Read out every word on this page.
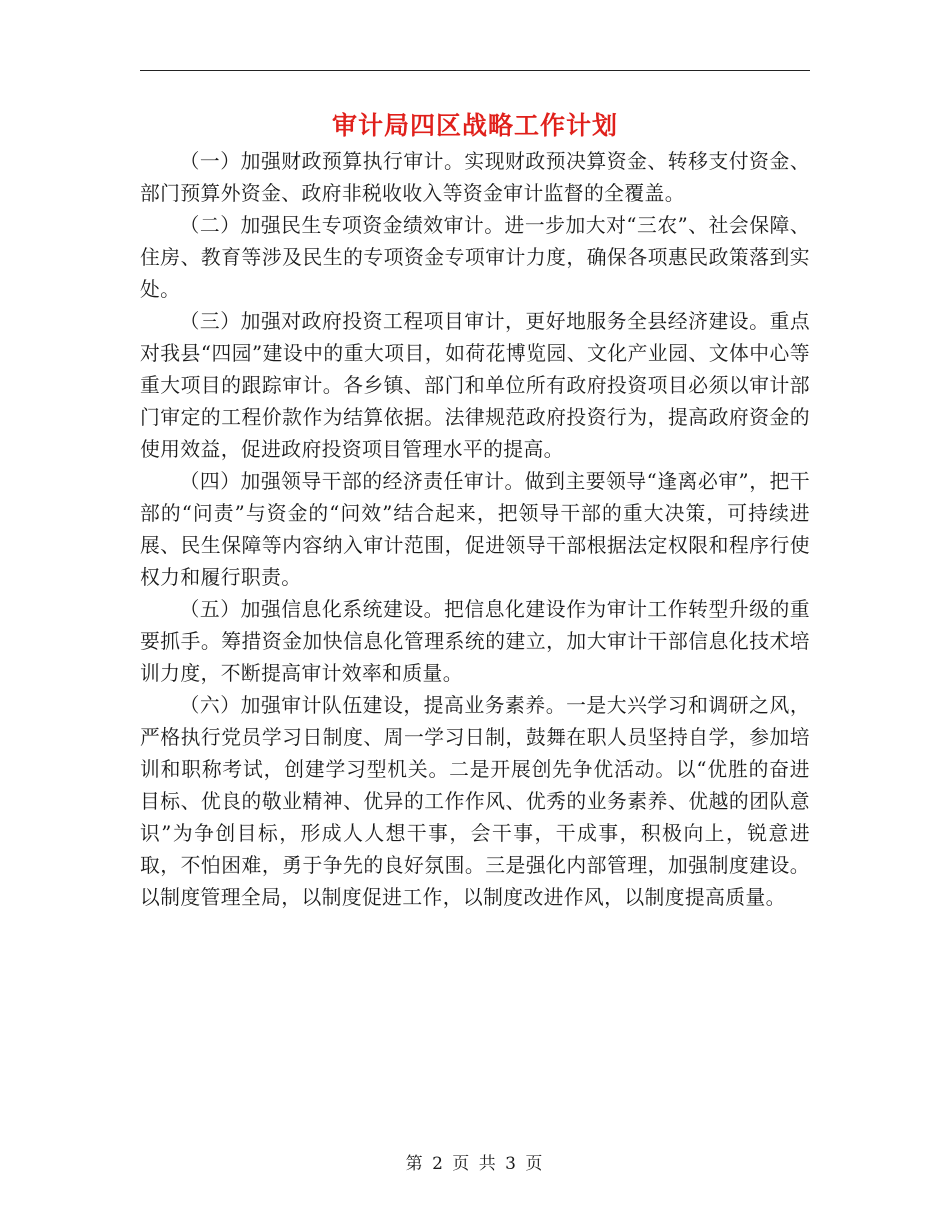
审计局四区战略工作计划

（一）加强财政预算执行审计。实现财政预决算资金、转移支付资金、部门预算外资金、政府非税收收入等资金审计监督的全覆盖。

（二）加强民生专项资金绩效审计。进一步加大对“三农”、社会保障、住房、教育等涉及民生的专项资金专项审计力度，确保各项惠民政策落到实处。

（三）加强对政府投资工程项目审计，更好地服务全县经济建设。重点对我县“四园”建设中的重大项目，如荷花博览园、文化产业园、文体中心等重大项目的跟踪审计。各乡镇、部门和单位所有政府投资项目必须以审计部门审定的工程价款作为结算依据。法律规范政府投资行为，提高政府资金的使用效益，促进政府投资项目管理水平的提高。

（四）加强领导干部的经济责任审计。做到主要领导“逢离必审”，把干部的“问责”与资金的“问效”结合起来，把领导干部的重大决策，可持续进展、民生保障等内容纳入审计范围，促进领导干部根据法定权限和程序行使权力和履行职责。

（五）加强信息化系统建设。把信息化建设作为审计工作转型升级的重要抓手。筹措资金加快信息化管理系统的建立，加大审计干部信息化技术培训力度，不断提高审计效率和质量。

（六）加强审计队伍建设，提高业务素养。一是大兴学习和调研之风，严格执行党员学习日制度、周一学习日制，鼓舞在职人员坚持自学，参加培训和职称考试，创建学习型机关。二是开展创先争优活动。以“优胜的奋进目标、优良的敬业精神、优异的工作作风、优秀的业务素养、优越的团队意识”为争创目标，形成人人想干事，会干事，干成事，积极向上，锐意进取，不怕困难，勇于争先的良好氛围。三是强化内部管理，加强制度建设。以制度管理全局，以制度促进工作，以制度改进作风，以制度提高质量。

第 2 页 共 3 页
